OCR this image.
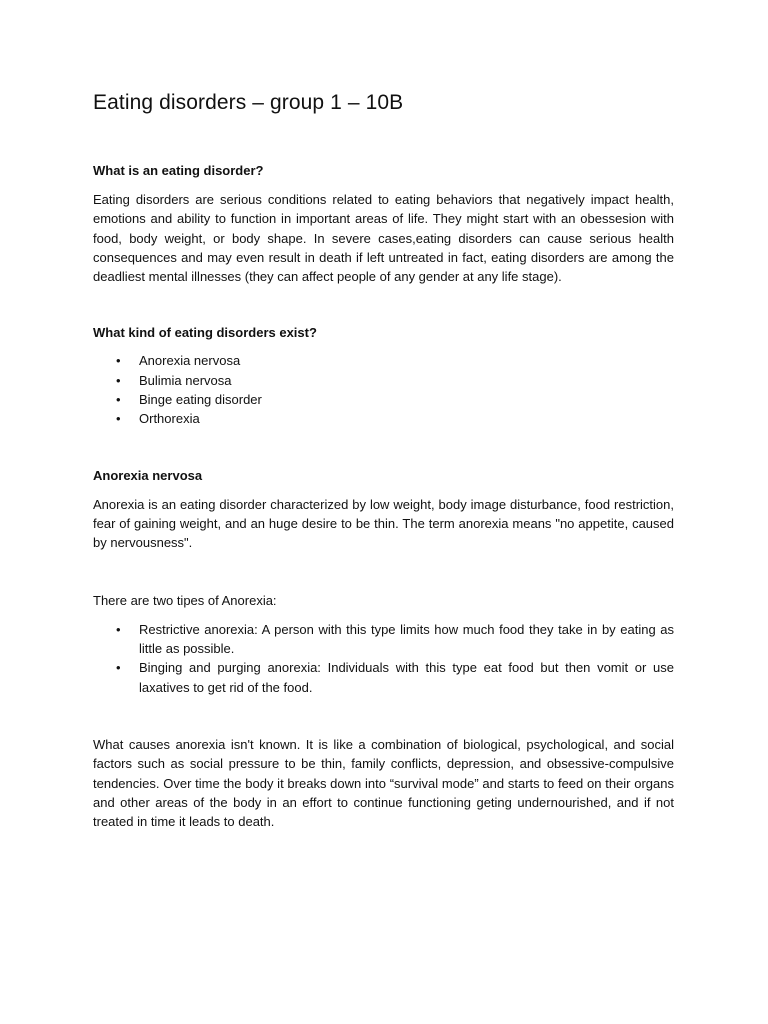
Eating disorders – group 1 – 10B
What is an eating disorder?

Eating disorders are serious conditions related to eating behaviors that negatively impact health, emotions and ability to function in important areas of life. They might start with an obessesion with food, body weight, or body shape. In severe cases,eating disorders can cause serious health consequences and may even result in death if left untreated in fact, eating disorders are among the deadliest mental illnesses (they can affect people of any gender at any life stage).

What kind of eating disorders exist?
• Anorexia nervosa
• Bulimia nervosa
• Binge eating disorder
• Orthorexia
Anorexia nervosa

Anorexia is an eating disorder characterized by low weight, body image disturbance, food restriction, fear of gaining weight, and an huge desire to be thin. The term anorexia means "no appetite, caused by nervousness".

There are two tipes of Anorexia:

• Restrictive anorexia: A person with this type limits how much food they take in by eating as little as possible.
• Binging and purging anorexia: Individuals with this type eat food but then vomit or use laxatives to get rid of the food.

What causes anorexia isn't known. It is like a combination of biological, psychological, and social factors such as social pressure to be thin, family conflicts, depression, and obsessive-compulsive tendencies. Over time the body it breaks down into “survival mode” and starts to feed on their organs and other areas of the body in an effort to continue functioning geting undernourished, and if not treated in time it leads to death.
